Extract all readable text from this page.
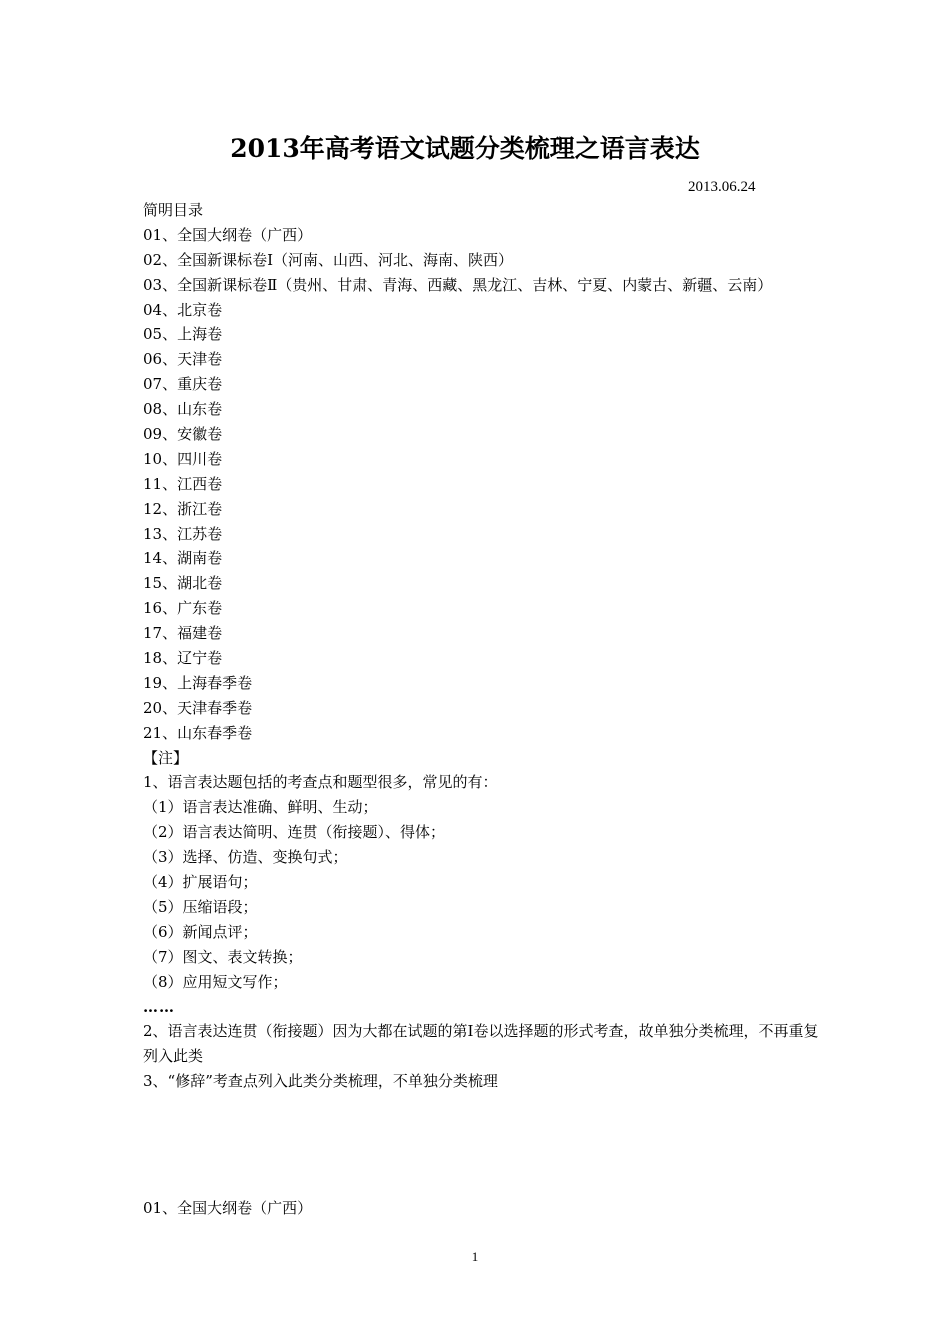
2013年高考语文试题分类梳理之语言表达
2013.06.24
简明目录
01、全国大纲卷（广西）
02、全国新课标卷Ⅰ（河南、山西、河北、海南、陕西）
03、全国新课标卷Ⅱ（贵州、甘肃、青海、西藏、黑龙江、吉林、宁夏、内蒙古、新疆、云南）
04、北京卷
05、上海卷
06、天津卷
07、重庆卷
08、山东卷
09、安徽卷
10、四川卷
11、江西卷
12、浙江卷
13、江苏卷
14、湖南卷
15、湖北卷
16、广东卷
17、福建卷
18、辽宁卷
19、上海春季卷
20、天津春季卷
21、山东春季卷
【注】
1、语言表达题包括的考查点和题型很多，常见的有：
（1）语言表达准确、鲜明、生动；
（2）语言表达简明、连贯（衔接题）、得体；
（3）选择、仿造、变换句式；
（4）扩展语句；
（5）压缩语段；
（6）新闻点评；
（7）图文、表文转换；
（8）应用短文写作；
……
2、语言表达连贯（衔接题）因为大都在试题的第Ⅰ卷以选择题的形式考查，故单独分类梳理，不再重复列入此类
3、“修辞”考查点列入此类分类梳理，不单独分类梳理
01、全国大纲卷（广西）
1
